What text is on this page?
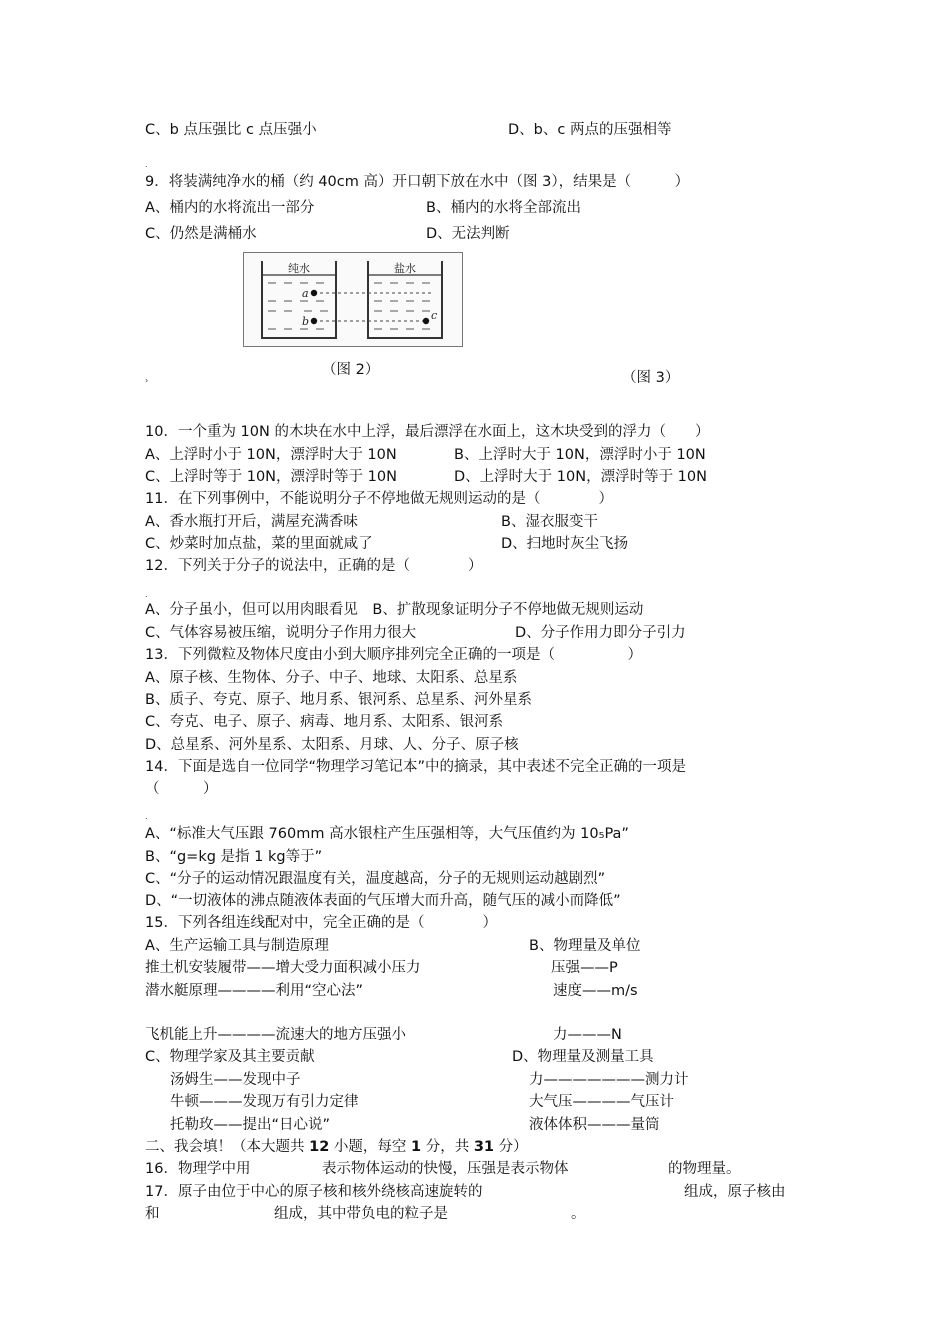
C、b 点压强比 c 点压强小	D、b、c 两点的压强相等
.
9．将装满纯净水的桶（约 40cm 高）开口朝下放在水中（图 3），结果是（　　　）
A、桶内的水将流出一部分	B、桶内的水将全部流出
C、仍然是满桶水	D、无法判断
纯水	盐水
a
b	c
（图 2）	（图 3）
›
10．一个重为 10N 的木块在水中上浮，最后漂浮在水面上，这木块受到的浮力（　　）
A、上浮时小于 10N，漂浮时大于 10N	B、上浮时大于 10N，漂浮时小于 10N
C、上浮时等于 10N，漂浮时等于 10N	D、上浮时大于 10N，漂浮时等于 10N
11．在下列事例中，不能说明分子不停地做无规则运动的是（　　　　）
A、香水瓶打开后，满屋充满香味	B、湿衣服变干
C、炒菜时加点盐，菜的里面就咸了	D、扫地时灰尘飞扬
12．下列关于分子的说法中，正确的是（　　　　）
.
A、分子虽小，但可以用肉眼看见　B、扩散现象证明分子不停地做无规则运动
C、气体容易被压缩，说明分子作用力很大	D、分子作用力即分子引力
13．下列微粒及物体尺度由小到大顺序排列完全正确的一项是（　　　　　）
A、原子核、生物体、分子、中子、地球、太阳系、总星系
B、质子、夸克、原子、地月系、银河系、总星系、河外星系
C、夸克、电子、原子、病毒、地月系、太阳系、银河系
D、总星系、河外星系、太阳系、月球、人、分子、原子核
14．下面是选自一位同学“物理学习笔记本”中的摘录，其中表述不完全正确的一项是
（　　　）
.
A、“标准大气压跟 760mm 高水银柱产生压强相等，大气压值约为 10₅Pa”
B、“g=kg 是指 1 kg等于”
C、“分子的运动情况跟温度有关，温度越高，分子的无规则运动越剧烈”
D、“一切液体的沸点随液体表面的气压增大而升高，随气压的减小而降低”
15．下列各组连线配对中，完全正确的是（　　　　）
A、生产运输工具与制造原理	B、物理量及单位
推土机安装履带——增大受力面积减小压力	压强——P
潜水艇原理————利用“空心法”	速度——m/s
飞机能上升————流速大的地方压强小	力———N
C、物理学家及其主要贡献	D、物理量及测量工具
汤姆生——发现中子	力———————测力计
牛顿———发现万有引力定律	大气压————气压计
托勒玫——提出“日心说”	液体体积———量筒
二、我会填！（本大题共 12 小题，每空 1 分，共 31 分）
16．物理学中用	表示物体运动的快慢，压强是表示物体	的物理量。
17．原子由位于中心的原子核和核外绕核高速旋转的	组成，原子核由
和	组成，其中带负电的粒子是	。
